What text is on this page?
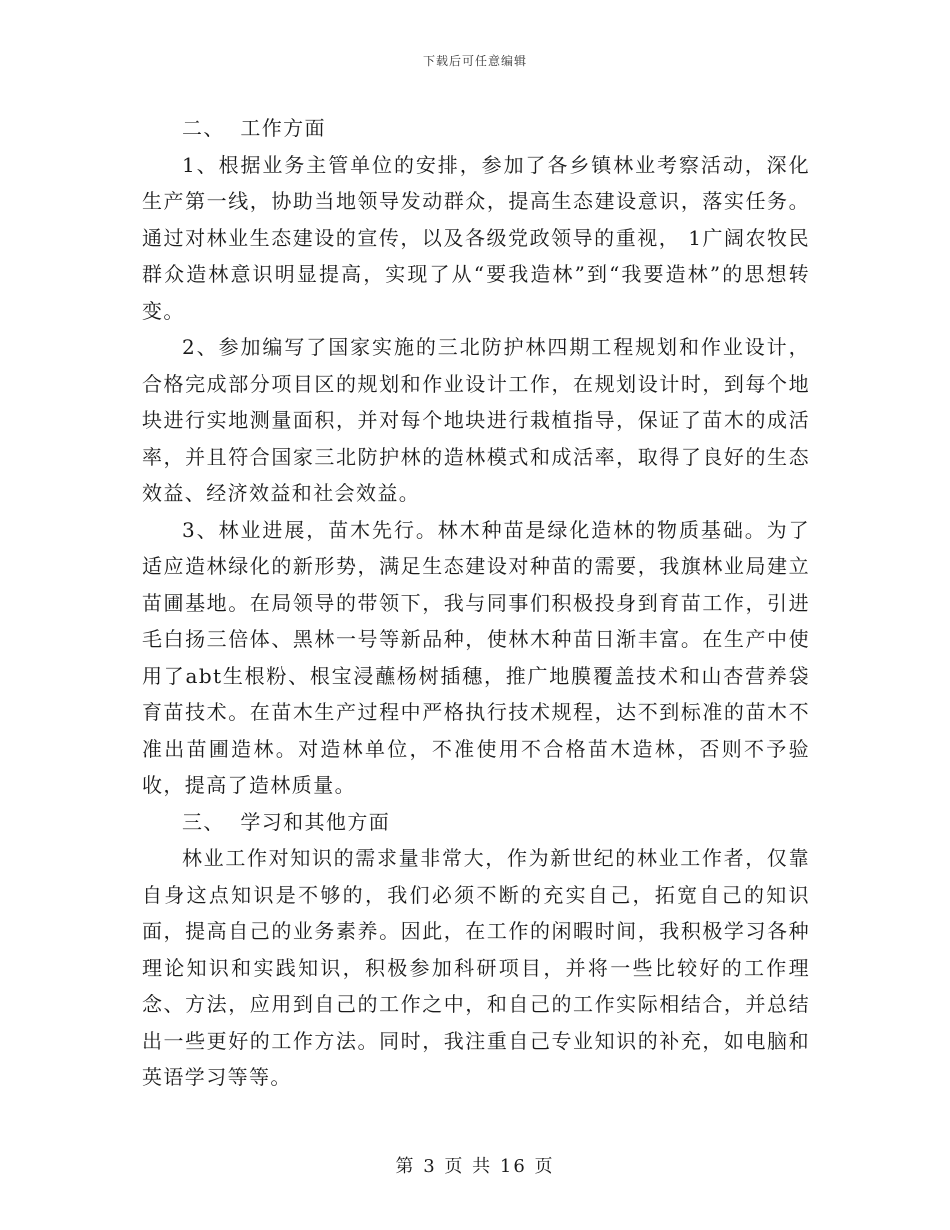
下载后可任意编辑

二、  工作方面

1、根据业务主管单位的安排，参加了各乡镇林业考察活动，深化生产第一线，协助当地领导发动群众，提高生态建设意识，落实任务。通过对林业生态建设的宣传，以及各级党政领导的重视， 1广阔农牧民群众造林意识明显提高，实现了从“要我造林”到“我要造林”的思想转变。

2、参加编写了国家实施的三北防护林四期工程规划和作业设计，合格完成部分项目区的规划和作业设计工作，在规划设计时，到每个地块进行实地测量面积，并对每个地块进行栽植指导，保证了苗木的成活率，并且符合国家三北防护林的造林模式和成活率，取得了良好的生态效益、经济效益和社会效益。

3、林业进展，苗木先行。林木种苗是绿化造林的物质基础。为了适应造林绿化的新形势，满足生态建设对种苗的需要，我旗林业局建立苗圃基地。在局领导的带领下，我与同事们积极投身到育苗工作，引进毛白扬三倍体、黑林一号等新品种，使林木种苗日渐丰富。在生产中使用了abt生根粉、根宝浸蘸杨树插穗，推广地膜覆盖技术和山杏营养袋育苗技术。在苗木生产过程中严格执行技术规程，达不到标准的苗木不准出苗圃造林。对造林单位，不准使用不合格苗木造林，否则不予验收，提高了造林质量。

三、  学习和其他方面

林业工作对知识的需求量非常大，作为新世纪的林业工作者，仅靠自身这点知识是不够的，我们必须不断的充实自己，拓宽自己的知识面，提高自己的业务素养。因此，在工作的闲暇时间，我积极学习各种理论知识和实践知识，积极参加科研项目，并将一些比较好的工作理念、方法，应用到自己的工作之中，和自己的工作实际相结合，并总结出一些更好的工作方法。同时，我注重自己专业知识的补充，如电脑和英语学习等等。

第 3 页 共 16 页
